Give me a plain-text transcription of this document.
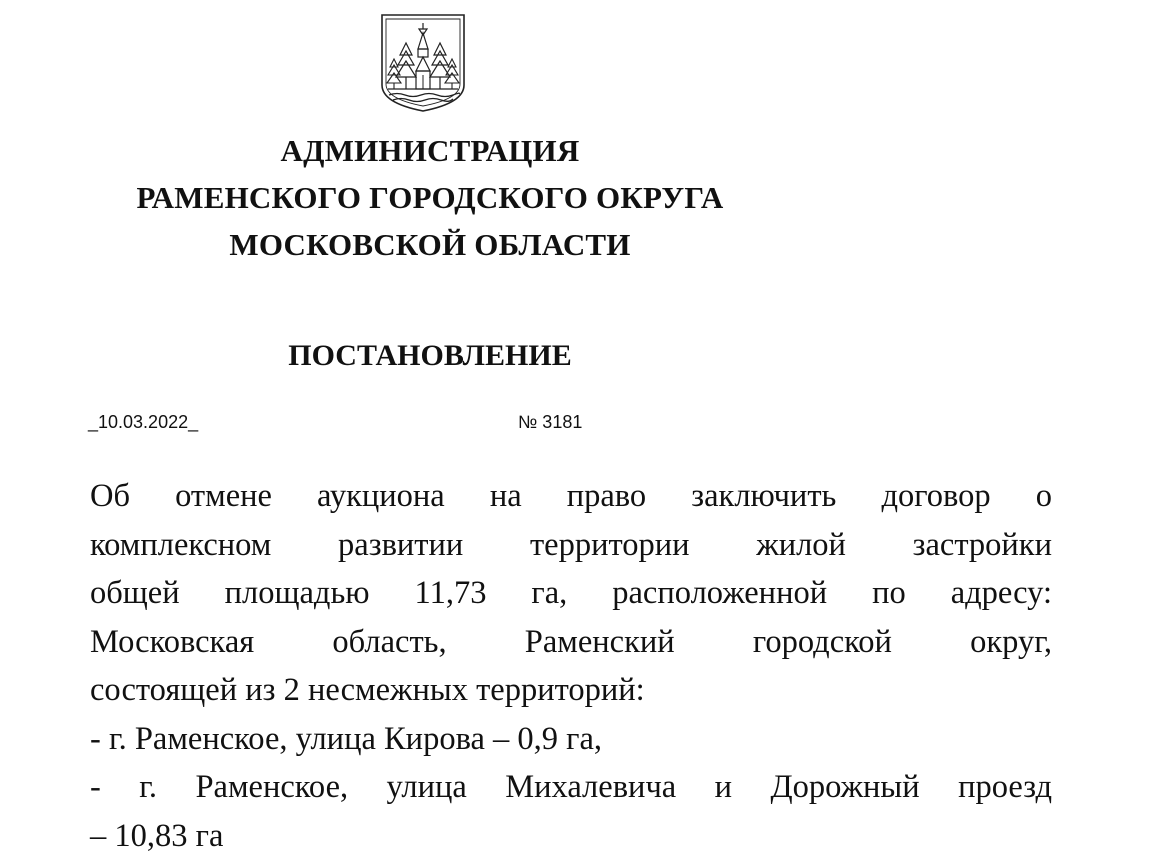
АДМИНИСТРАЦИЯ
РАМЕНСКОГО ГОРОДСКОГО ОКРУГА
МОСКОВСКОЙ ОБЛАСТИ
ПОСТАНОВЛЕНИЕ
_10.03.2022_	№ 3181
Об отмене аукциона на право заключить договор о
комплексном развитии территории жилой застройки
общей площадью 11,73 га, расположенной по адресу:
Московская область, Раменский городской округ,
состоящей из 2 несмежных территорий:
- г. Раменское, улица Кирова – 0,9 га,
- г. Раменское, улица Михалевича и Дорожный проезд
– 10,83 га
